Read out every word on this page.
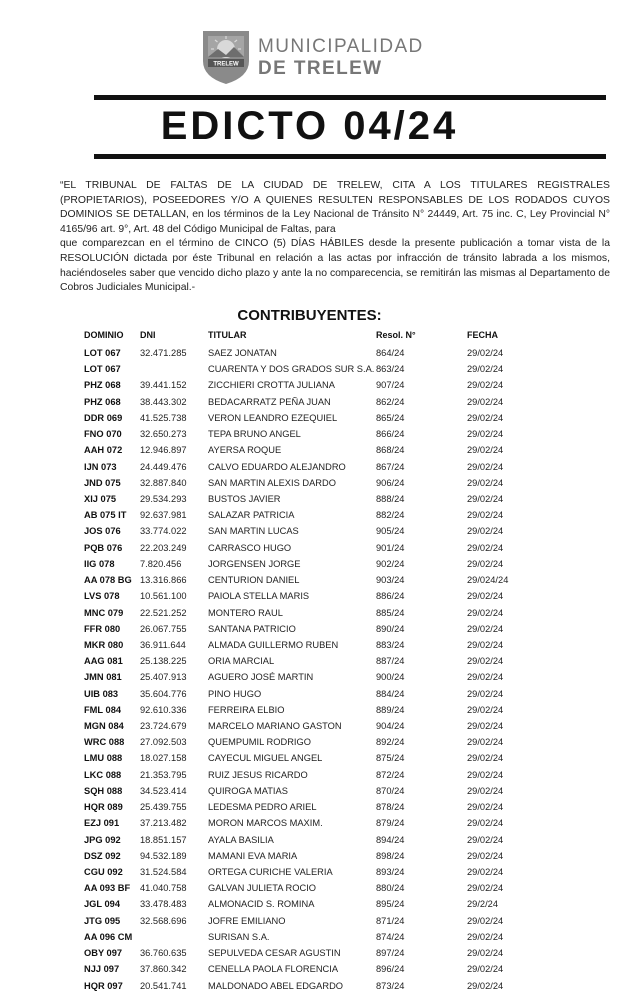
TRELEW
MUNICIPALIDAD
DE TRELEW
EDICTO 04/24

“EL TRIBUNAL DE FALTAS DE LA CIUDAD DE TRELEW, CITA A LOS TITULARES REGISTRALES (PROPIETARIOS), POSEEDORES Y/O A QUIENES RESULTEN RESPONSABLES DE LOS RODADOS CUYOS DOMINIOS SE DETALLAN, en los términos de la Ley Nacional de Tránsito N° 24449, Art. 75 inc. C, Ley Provincial N° 4165/96 art. 9°, Art. 48 del Código Municipal de Faltas, para

que comparezcan en el término de CINCO (5) DÍAS HÁBILES desde la presente publicación a tomar vista de la RESOLUCIÓN dictada por éste Tribunal en relación a las actas por infracción de tránsito labrada a los mismos, haciéndoseles saber que vencido dicho plazo y ante la no comparecencia, se remitirán las mismas al Departamento de Cobros Judiciales Municipal.-

CONTRIBUYENTES:
DOMINIO DNI	TITULAR	Resol. N°	FECHA
LOT 067 32.471.285 SAEZ JONATAN	864/24	29/02/24
LOT 067	CUARENTA Y DOS GRADOS SUR S.A. 863/24	29/02/24
PHZ 068 39.441.152 ZICCHIERI CROTTA JULIANA	907/24	29/02/24
PHZ 068 38.443.302 BEDACARRATZ PEÑA JUAN	862/24	29/02/24
DDR 069 41.525.738 VERON LEANDRO EZEQUIEL	865/24	29/02/24
FNO 070 32.650.273 TEPA BRUNO ANGEL	866/24	29/02/24
AAH 072 12.946.897 AYERSA ROQUE	868/24	29/02/24
IJN 073	24.449.476 CALVO EDUARDO ALEJANDRO	867/24	29/02/24
JND 075 32.887.840 SAN MARTIN ALEXIS DARDO	906/24	29/02/24
XIJ 075	29.534.293 BUSTOS JAVIER	888/24	29/02/24
AB 075 IT 92.637.981 SALAZAR PATRICIA	882/24	29/02/24
JOS 076 33.774.022 SAN MARTIN LUCAS	905/24	29/02/24
PQB 076 22.203.249 CARRASCO HUGO	901/24	29/02/24
IIG 078	7.820.456	JORGENSEN JORGE	902/24	29/02/24
AA 078 BG 13.316.866 CENTURION DANIEL	903/24	29/024/24
LVS 078 10.561.100 PAIOLA STELLA MARIS	886/24	29/02/24
MNC 079 22.521.252 MONTERO RAUL	885/24	29/02/24
FFR 080 26.067.755 SANTANA PATRICIO	890/24	29/02/24
MKR 080 36.911.644 ALMADA GUILLERMO RUBEN	883/24	29/02/24
AAG 081 25.138.225 ORIA MARCIAL	887/24	29/02/24
JMN 081 25.407.913 AGUERO JOSÉ MARTIN	900/24	29/02/24
UIB 083 35.604.776 PINO HUGO	884/24	29/02/24
FML 084 92.610.336 FERREIRA ELBIO	889/24	29/02/24
MGN 084 23.724.679 MARCELO MARIANO GASTON	904/24	29/02/24
WRC 088 27.092.503 QUEMPUMIL RODRIGO	892/24	29/02/24
LMU 088 18.027.158 CAYECUL MIGUEL ANGEL	875/24	29/02/24
LKC 088 21.353.795 RUIZ JESUS RICARDO	872/24	29/02/24
SQH 088 34.523.414 QUIROGA MATIAS	870/24	29/02/24
HQR 089 25.439.755 LEDESMA PEDRO ARIEL	878/24	29/02/24
EZJ 091 37.213.482 MORON MARCOS MAXIM.	879/24	29/02/24
JPG 092 18.851.157 AYALA BASILIA	894/24	29/02/24
DSZ 092 94.532.189 MAMANI EVA MARIA	898/24	29/02/24
CGU 092 31.524.584 ORTEGA CURICHE VALERIA	893/24	29/02/24
AA 093 BF 41.040.758 GALVAN JULIETA ROCIO	880/24	29/02/24
JGL 094 33.478.483 ALMONACID S. ROMINA	895/24	29/2/24
JTG 095 32.568.696 JOFRE EMILIANO	871/24	29/02/24
AA 096 CM	SURISAN S.A.	874/24	29/02/24
OBY 097 36.760.635 SEPULVEDA CESAR AGUSTIN	897/24	29/02/24
NJJ 097 37.860.342 CENELLA PAOLA FLORENCIA	896/24	29/02/24
HQR 097 20.541.741 MALDONADO ABEL EDGARDO	873/24	29/02/24
